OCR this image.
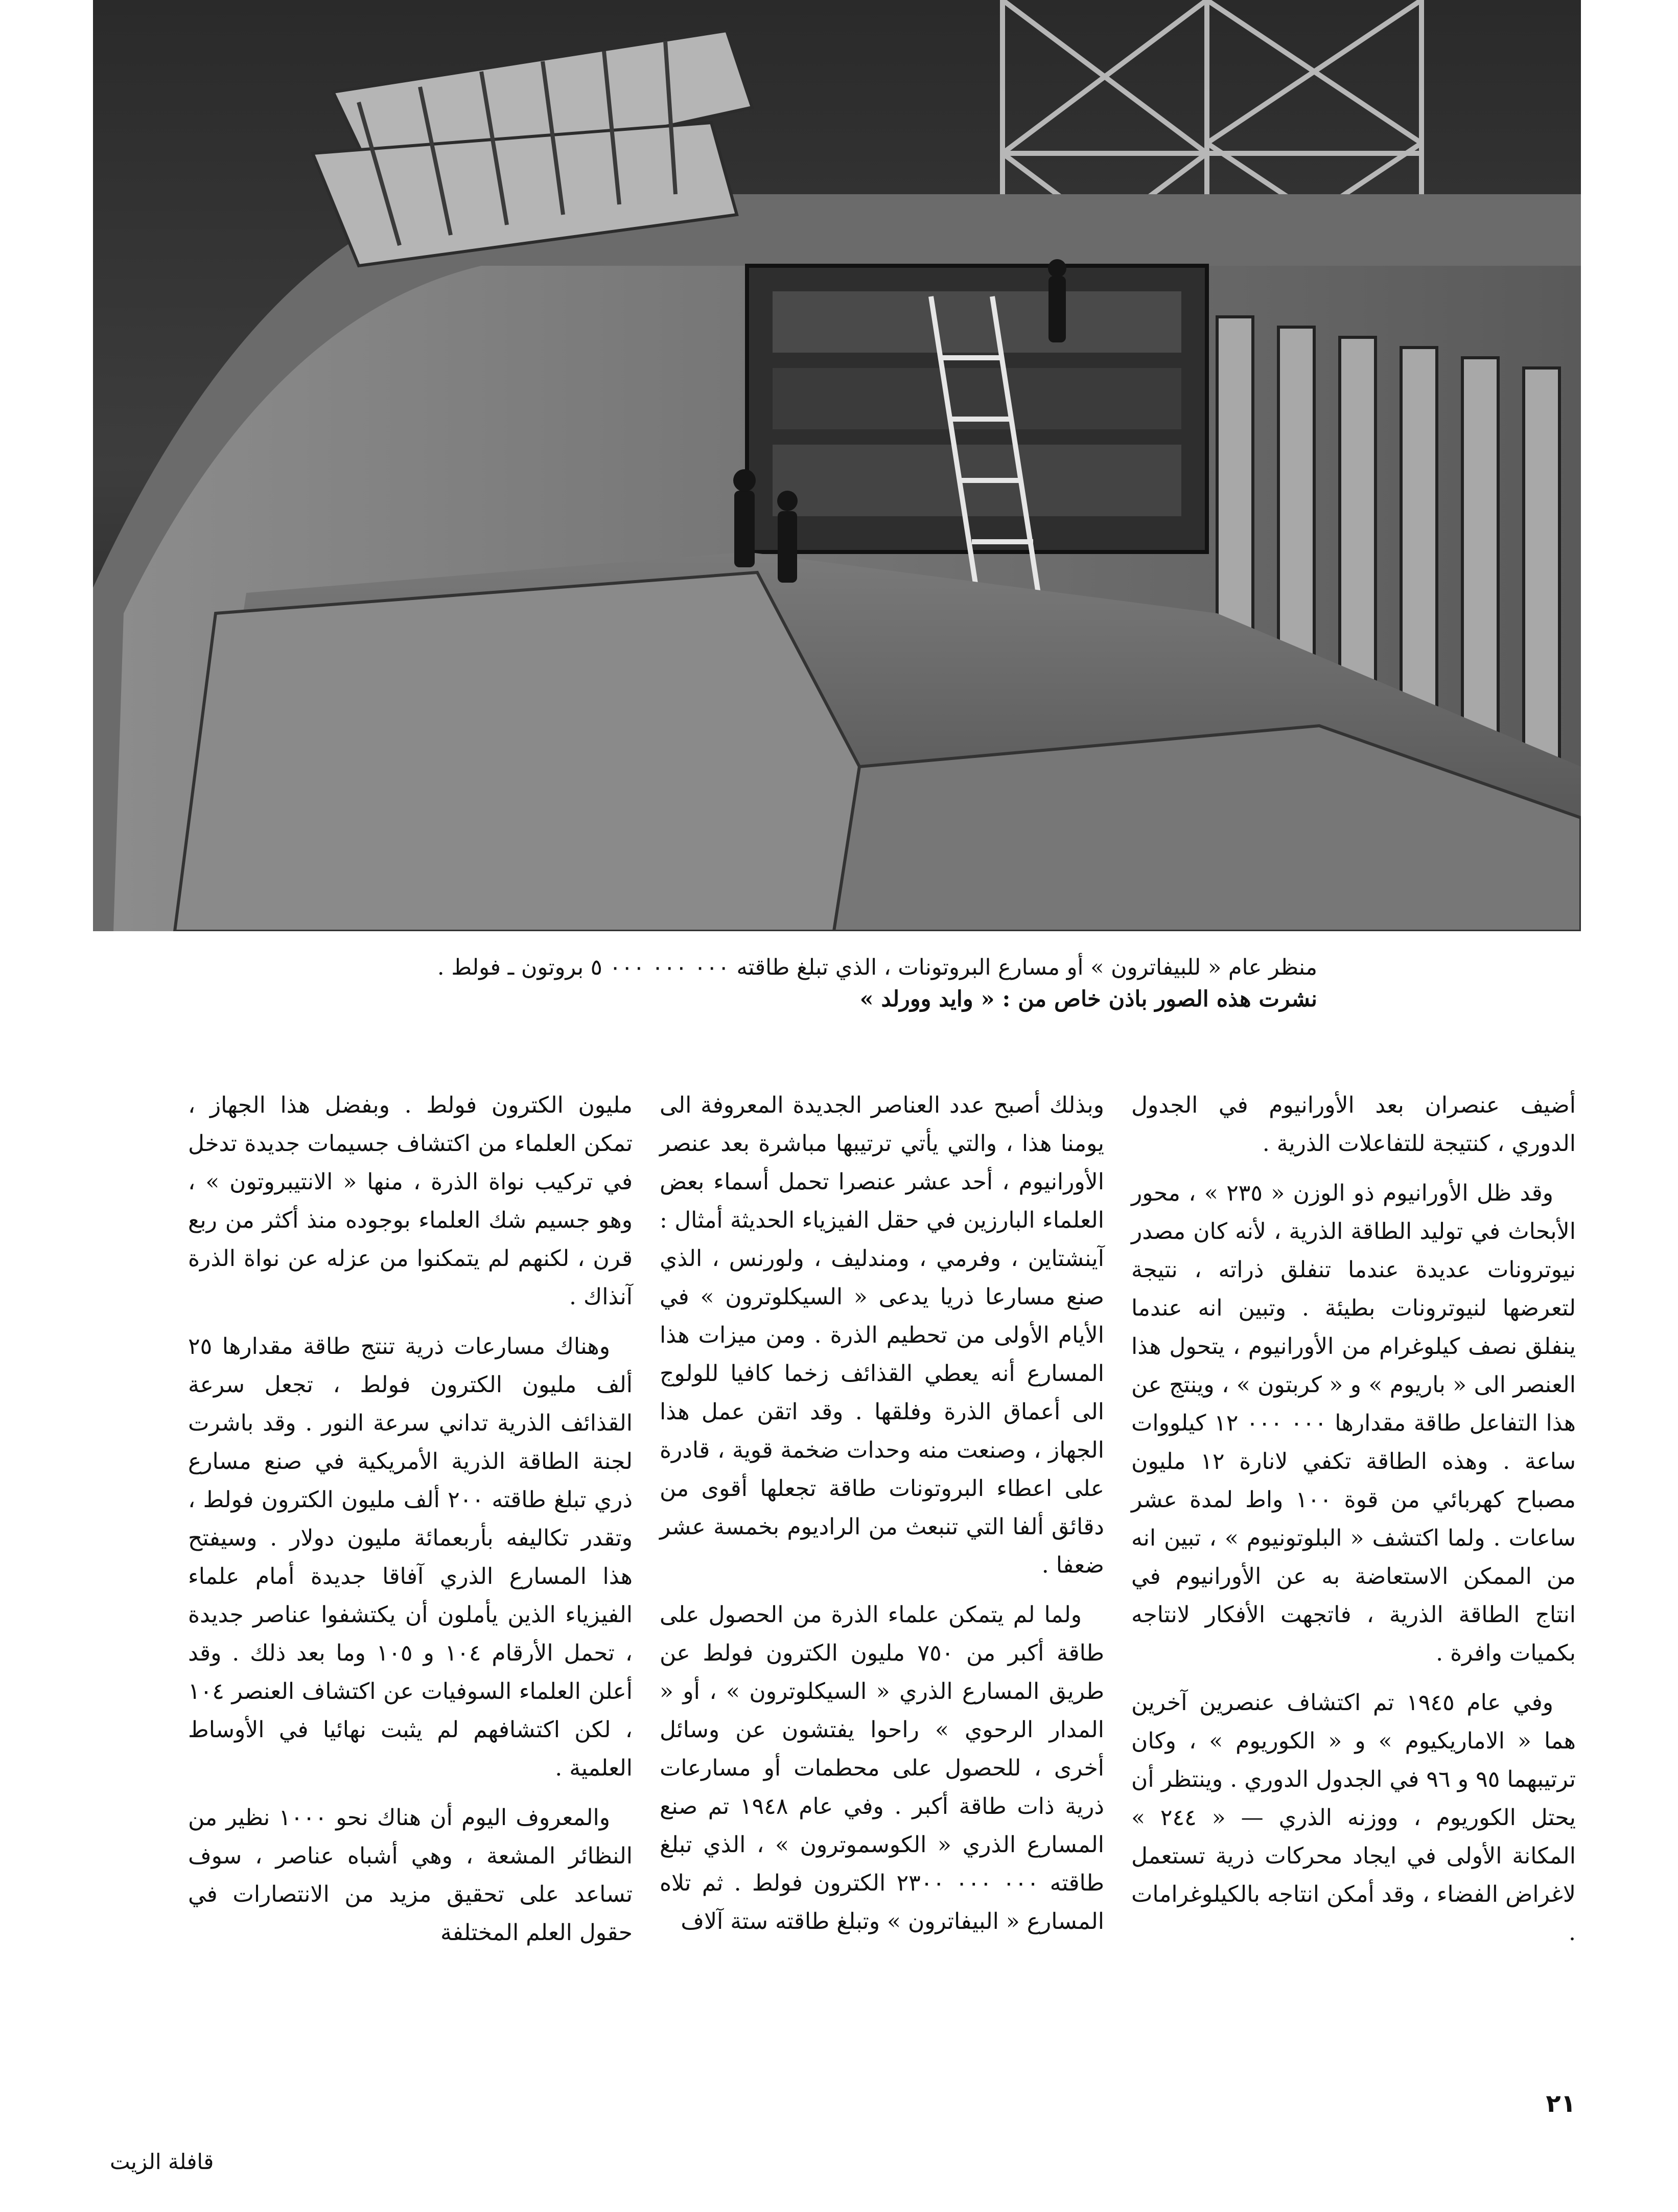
منظر عام « للبيفاترون » أو مسارع البروتونات ، الذي تبلغ طاقته ٠٠٠ ٠٠٠ ٠٠٠ ٥ بروتون ـ فولط .

نشرت هذه الصور باذن خاص من : « وايد وورلد »

أضيف عنصران بعد الأورانيوم في الجدول الدوري ، كنتيجة للتفاعلات الذرية .

وقد ظل الأورانيوم ذو الوزن « ٢٣٥ » ، محور الأبحاث في توليد الطاقة الذرية ، لأنه كان مصدر نيوترونات عديدة عندما تنفلق ذراته ، نتيجة لتعرضها لنيوترونات بطيئة . وتبين انه عندما ينفلق نصف كيلوغرام من الأورانيوم ، يتحول هذا العنصر الى « باريوم » و « كربتون » ، وينتج عن هذا التفاعل طاقة مقدارها ٠٠٠ ٠٠٠ ١٢ كيلووات ساعة . وهذه الطاقة تكفي لانارة ١٢ مليون مصباح كهربائي من قوة ١٠٠ واط لمدة عشر ساعات . ولما اكتشف « البلوتونيوم » ، تبين انه من الممكن الاستعاضة به عن الأورانيوم في انتاج الطاقة الذرية ، فاتجهت الأفكار لانتاجه بكميات وافرة .

وفي عام ١٩٤٥ تم اكتشاف عنصرين آخرين هما « الاماريكيوم » و « الكوريوم » ، وكان ترتيبهما ٩٥ و ٩٦ في الجدول الدوري . وينتظر أن يحتل الكوريوم ، ووزنه الذري — « ٢٤٤ » المكانة الأولى في ايجاد محركات ذرية تستعمل لاغراض الفضاء ، وقد أمكن انتاجه بالكيلوغرامات .

وبذلك أصبح عدد العناصر الجديدة المعروفة الى يومنا هذا ، والتي يأتي ترتيبها مباشرة بعد عنصر الأورانيوم ، أحد عشر عنصرا تحمل أسماء بعض العلماء البارزين في حقل الفيزياء الحديثة أمثال : آينشتاين ، وفرمي ، ومندليف ، ولورنس ، الذي صنع مسارعا ذريا يدعى « السيكلوترون » في الأيام الأولى من تحطيم الذرة . ومن ميزات هذا المسارع أنه يعطي القذائف زخما كافيا للولوج الى أعماق الذرة وفلقها . وقد اتقن عمل هذا الجهاز ، وصنعت منه وحدات ضخمة قوية ، قادرة على اعطاء البروتونات طاقة تجعلها أقوى من دقائق ألفا التي تنبعث من الراديوم بخمسة عشر ضعفا .

ولما لم يتمكن علماء الذرة من الحصول على طاقة أكبر من ٧٥٠ مليون الكترون فولط عن طريق المسارع الذري « السيكلوترون » ، أو « المدار الرحوي » راحوا يفتشون عن وسائل أخرى ، للحصول على محطمات أو مسارعات ذرية ذات طاقة أكبر . وفي عام ١٩٤٨ تم صنع المسارع الذري « الكوسموترون » ، الذي تبلغ طاقته ٠٠٠ ٠٠٠ ٢٣٠٠ الكترون فولط . ثم تلاه المسارع « البيفاترون » وتبلغ طاقته ستة آلاف

مليون الكترون فولط . وبفضل هذا الجهاز ، تمكن العلماء من اكتشاف جسيمات جديدة تدخل في تركيب نواة الذرة ، منها « الانتيبروتون » ، وهو جسيم شك العلماء بوجوده منذ أكثر من ربع قرن ، لكنهم لم يتمكنوا من عزله عن نواة الذرة آنذاك .

وهناك مسارعات ذرية تنتج طاقة مقدارها ٢٥ ألف مليون الكترون فولط ، تجعل سرعة القذائف الذرية تداني سرعة النور . وقد باشرت لجنة الطاقة الذرية الأمريكية في صنع مسارع ذري تبلغ طاقته ٢٠٠ ألف مليون الكترون فولط ، وتقدر تكاليفه بأربعمائة مليون دولار . وسيفتح هذا المسارع الذري آفاقا جديدة أمام علماء الفيزياء الذين يأملون أن يكتشفوا عناصر جديدة ، تحمل الأرقام ١٠٤ و ١٠٥ وما بعد ذلك . وقد أعلن العلماء السوفيات عن اكتشاف العنصر ١٠٤ ، لكن اكتشافهم لم يثبت نهائيا في الأوساط العلمية .

والمعروف اليوم أن هناك نحو ١٠٠٠ نظير من النظائر المشعة ، وهي أشباه عناصر ، سوف تساعد على تحقيق مزيد من الانتصارات في حقول العلم المختلفة

٢١
قافلة الزيت
